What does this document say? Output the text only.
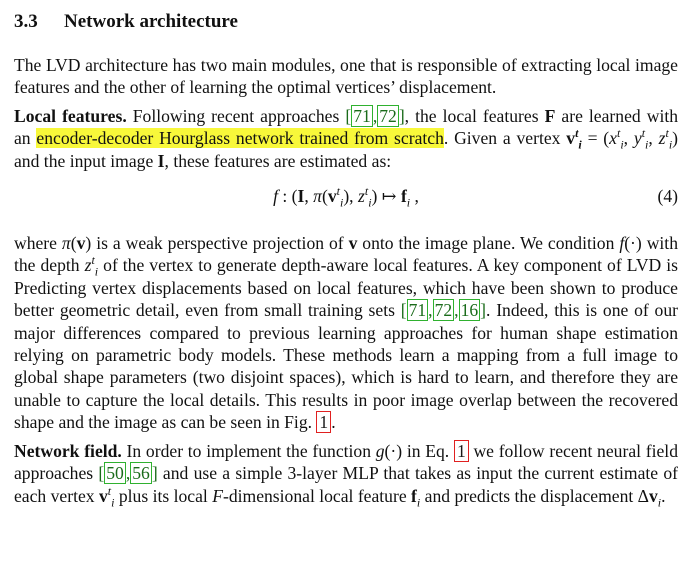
3.3 Network architecture

The LVD architecture has two main modules, one that is responsible of extracting local image features and the other of learning the optimal vertices’ displacement.

Local features. Following recent approaches [ 71 , 72 ], the local features F are learned with an encoder-decoder Hourglass network trained from scratch. Given a vertex $v^t_i = (x^t_i$, $y^t_i$, $z^t_i$) and the input image I, these features are estimated as:

f : (I, $\pi(v^t_i)$, $z^t_i$) ↦ $f_i$ ,	(4)

where π(v) is a weak perspective projection of v onto the image plane. We condition f(·) with the depth $z^t_i$ of the vertex to generate depth-aware local features. A key component of LVD is Predicting vertex displacements based on local features, which have been shown to produce better geometric detail, even from small training sets [ 71 , 72 , 16 ]. Indeed, this is one of our major differences compared to previous learning approaches for human shape estimation relying on parametric body models. These methods learn a mapping from a full image to global shape parameters (two disjoint spaces), which is hard to learn, and therefore they are unable to capture the local details. This results in poor image overlap between the recovered shape and the image as can be seen in Fig. 1 .

Network field. In order to implement the function g(·) in Eq. 1 we follow recent neural field approaches [ 50 , 56 ] and use a simple 3-layer MLP that takes as input the current estimate of each vertex $v^t_i$ plus its local F-dimensional local feature $f_i$ and predicts the displacement $\Delta v_i$.
